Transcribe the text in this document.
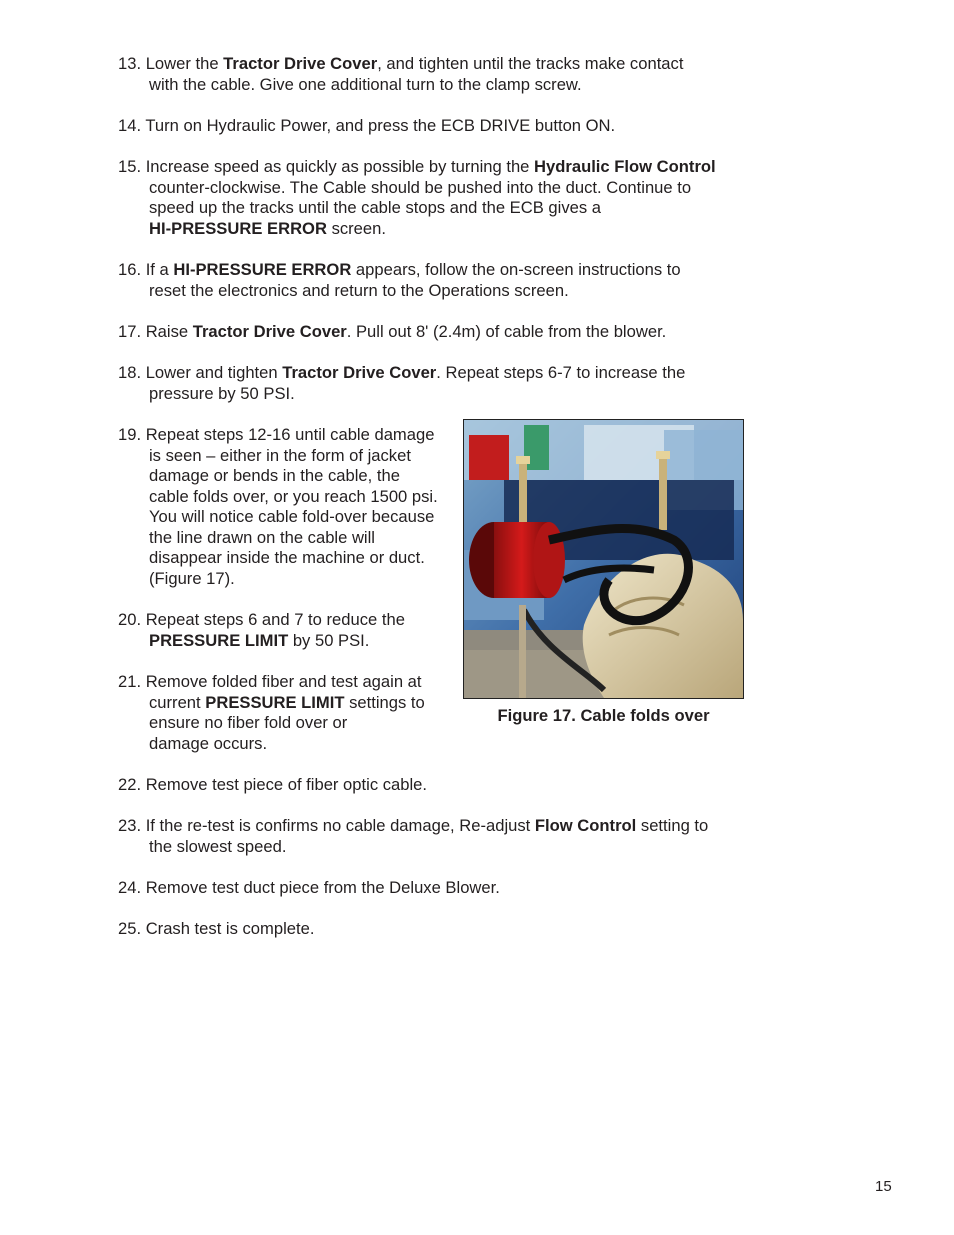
13. Lower the Tractor Drive Cover, and tighten until the tracks make contact
with the cable. Give one additional turn to the clamp screw.
14. Turn on Hydraulic Power, and press the ECB DRIVE button ON.
15. Increase speed as quickly as possible by turning the Hydraulic Flow Control
counter-clockwise. The Cable should be pushed into the duct. Continue to
speed up the tracks until the cable stops and the ECB gives a
HI-PRESSURE ERROR screen.
16. If a HI-PRESSURE ERROR appears, follow the on-screen instructions to
reset the electronics and return to the Operations screen.
17. Raise Tractor Drive Cover. Pull out 8' (2.4m) of cable from the blower.
18. Lower and tighten Tractor Drive Cover. Repeat steps 6-7 to increase the
pressure by 50 PSI.
19. Repeat steps 12-16 until cable damage
is seen – either in the form of jacket
damage or bends in the cable, the
cable folds over, or you reach 1500 psi.
You will notice cable fold-over because
the line drawn on the cable will
disappear inside the machine or duct.
(Figure 17).
20. Repeat steps 6 and 7 to reduce the
PRESSURE LIMIT by 50 PSI.
21. Remove folded fiber and test again at
current PRESSURE LIMIT settings to
ensure no fiber fold over or
damage occurs.
22. Remove test piece of fiber optic cable.
23. If the re-test is confirms no cable damage, Re-adjust Flow Control setting to
the slowest speed.
24. Remove test duct piece from the Deluxe Blower.
25. Crash test is complete.
Figure 17. Cable folds over
15
